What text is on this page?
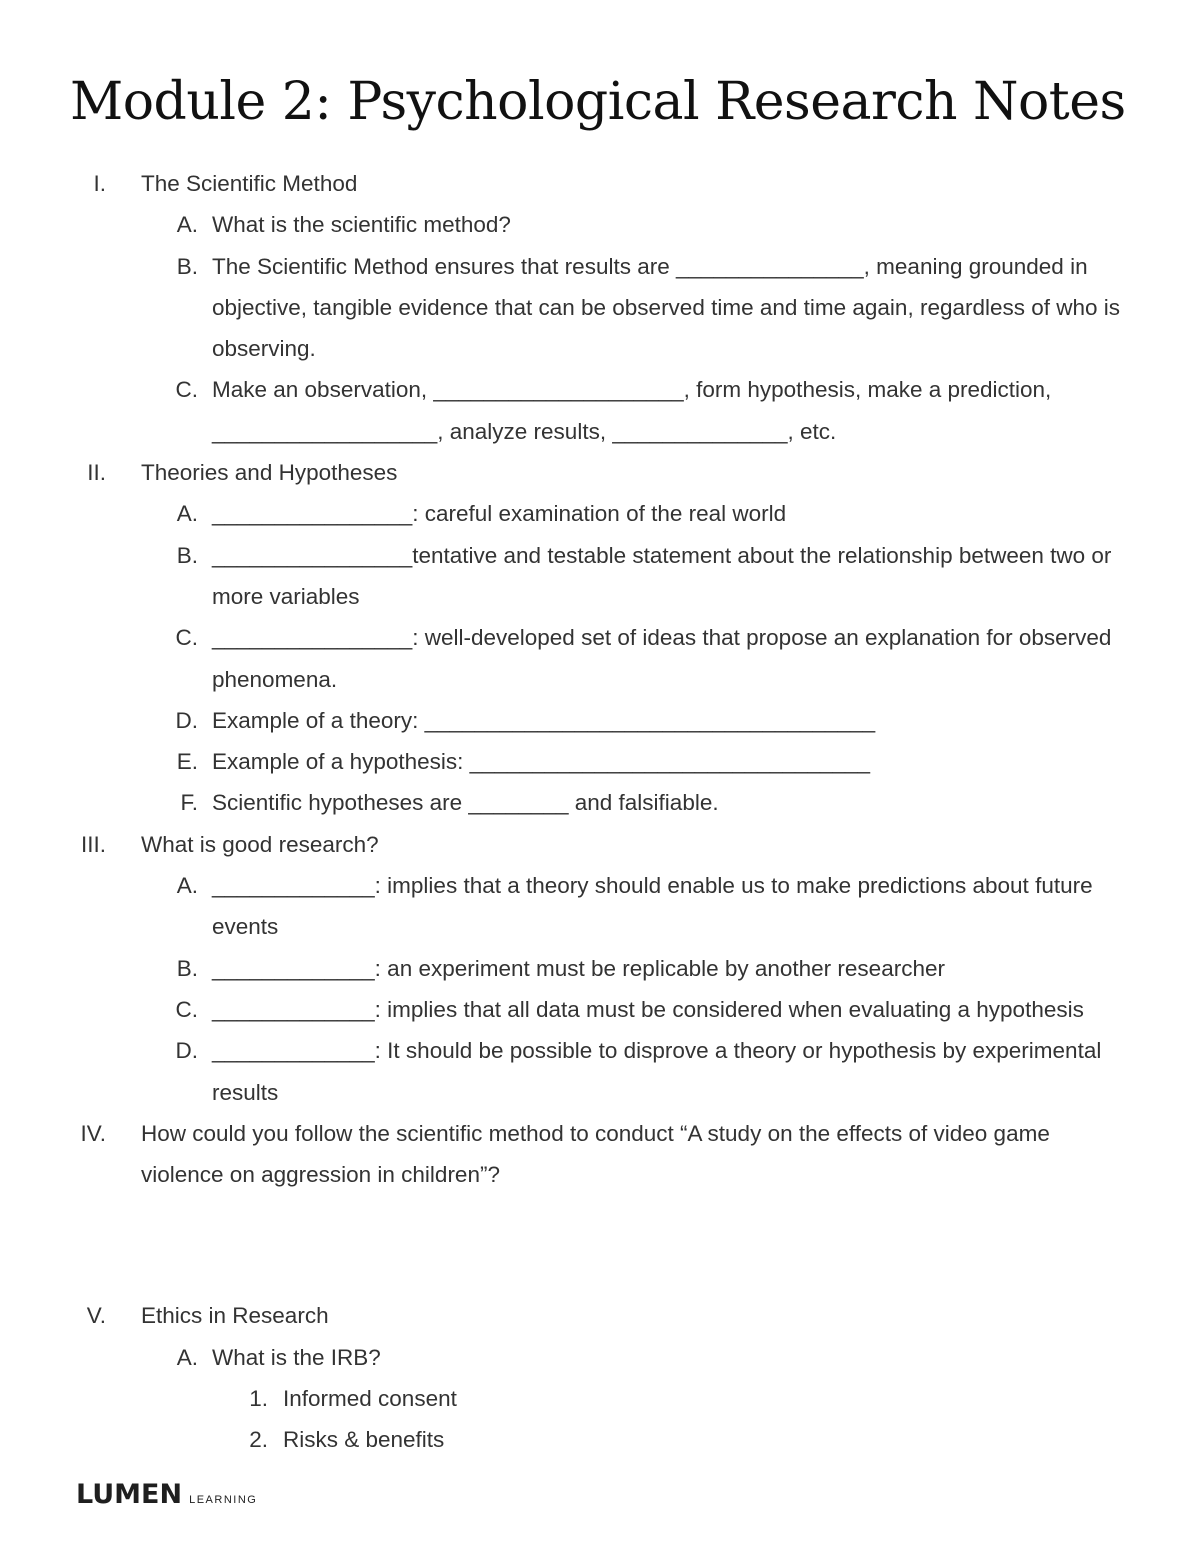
Module 2: Psychological Research Notes
I. The Scientific Method
A. What is the scientific method?
B. The Scientific Method ensures that results are _______________, meaning grounded in objective, tangible evidence that can be observed time and time again, regardless of who is observing.
C. Make an observation, ____________________, form hypothesis, make a prediction, __________________, analyze results, ______________, etc.
II. Theories and Hypotheses
A. ________________: careful examination of the real world
B. ________________tentative and testable statement about the relationship between two or more variables
C. ________________: well-developed set of ideas that propose an explanation for observed phenomena.
D. Example of a theory: ____________________________________
E. Example of a hypothesis: ________________________________
F. Scientific hypotheses are ________ and falsifiable.
III. What is good research?
A. _____________: implies that a theory should enable us to make predictions about future events
B. _____________: an experiment must be replicable by another researcher
C. _____________: implies that all data must be considered when evaluating a hypothesis
D. _____________: It should be possible to disprove a theory or hypothesis by experimental results
IV. How could you follow the scientific method to conduct “A study on the effects of video game violence on aggression in children”?
V. Ethics in Research
A. What is the IRB?
1. Informed consent
2. Risks & benefits
LUMEN LEARNING
